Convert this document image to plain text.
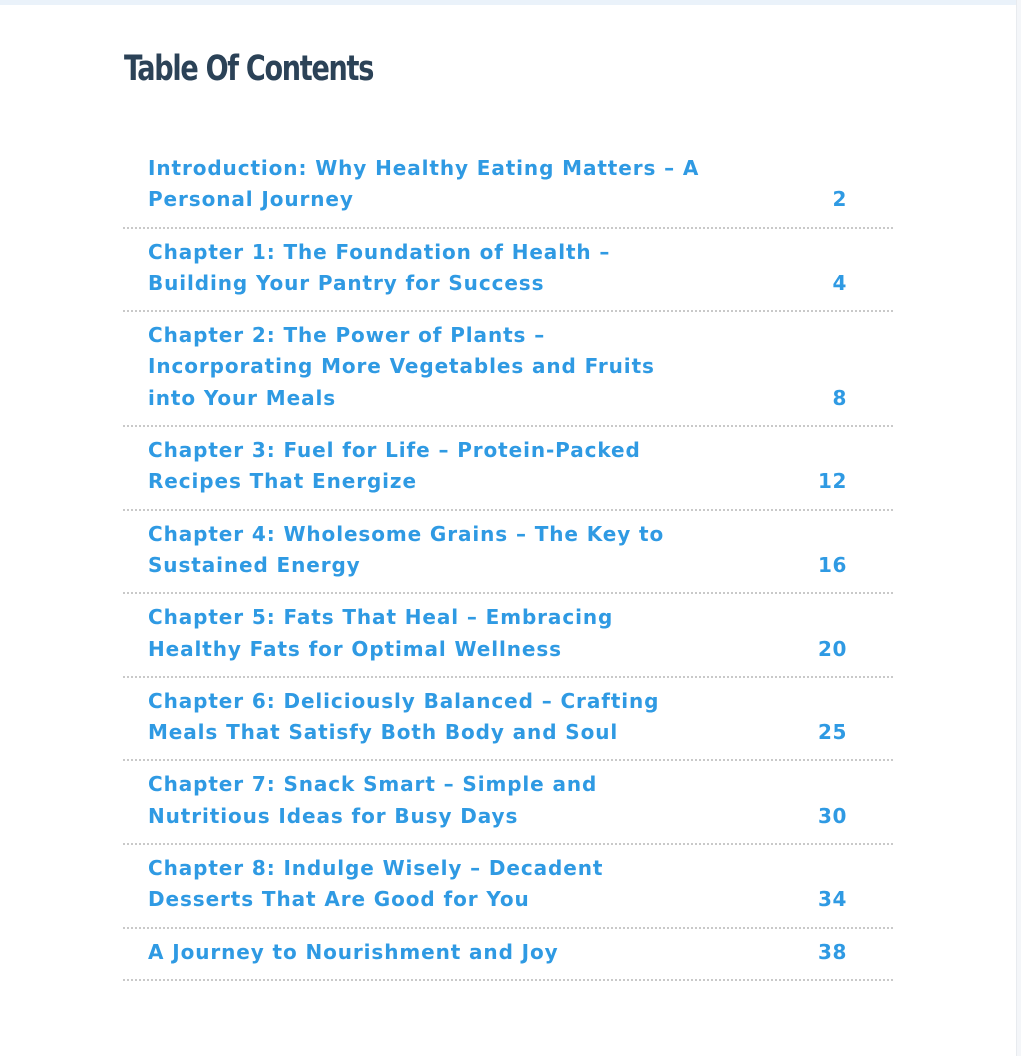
Table Of Contents
Introduction: Why Healthy Eating Matters – A Personal Journey	2
Chapter 1: The Foundation of Health – Building Your Pantry for Success	4
Chapter 2: The Power of Plants – Incorporating More Vegetables and Fruits into Your Meals	8
Chapter 3: Fuel for Life – Protein-Packed Recipes That Energize	12
Chapter 4: Wholesome Grains – The Key to Sustained Energy	16
Chapter 5: Fats That Heal – Embracing Healthy Fats for Optimal Wellness	20
Chapter 6: Deliciously Balanced – Crafting Meals That Satisfy Both Body and Soul	25
Chapter 7: Snack Smart – Simple and Nutritious Ideas for Busy Days	30
Chapter 8: Indulge Wisely – Decadent Desserts That Are Good for You	34
A Journey to Nourishment and Joy	38
